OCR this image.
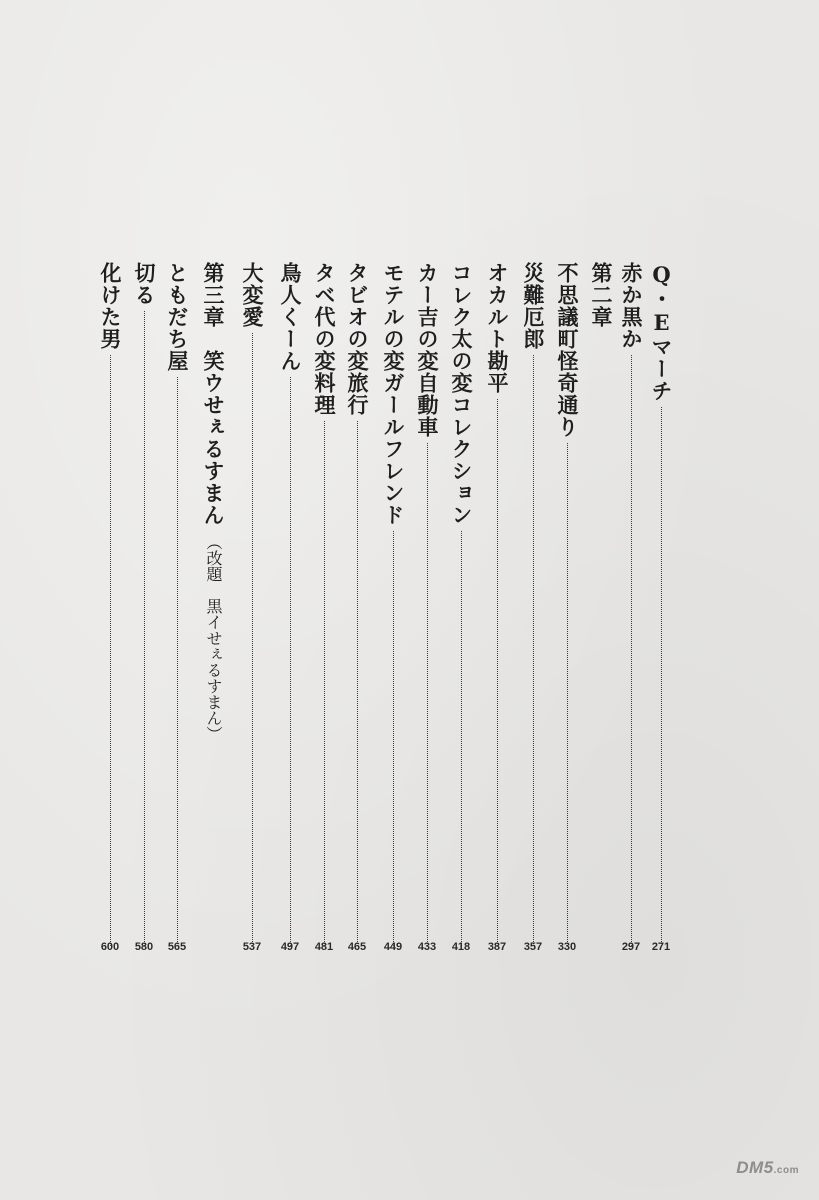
Q・Eマーチ
271
赤か黒か
297
第二章
不思議町怪奇通り
330
災難厄郎
357
オカルト勘平
387
コレク太の変コレクション
418
カー吉の変自動車
433
モテルの変ガールフレンド
449
タビオの変旅行
465
タベ代の変料理
481
鳥人くーん
497
大変愛
537
第三章　笑ウせぇるすまん
（改題　黒イせぇるすまん）
ともだち屋
565
切る
580
化けた男
600
DM5.com
